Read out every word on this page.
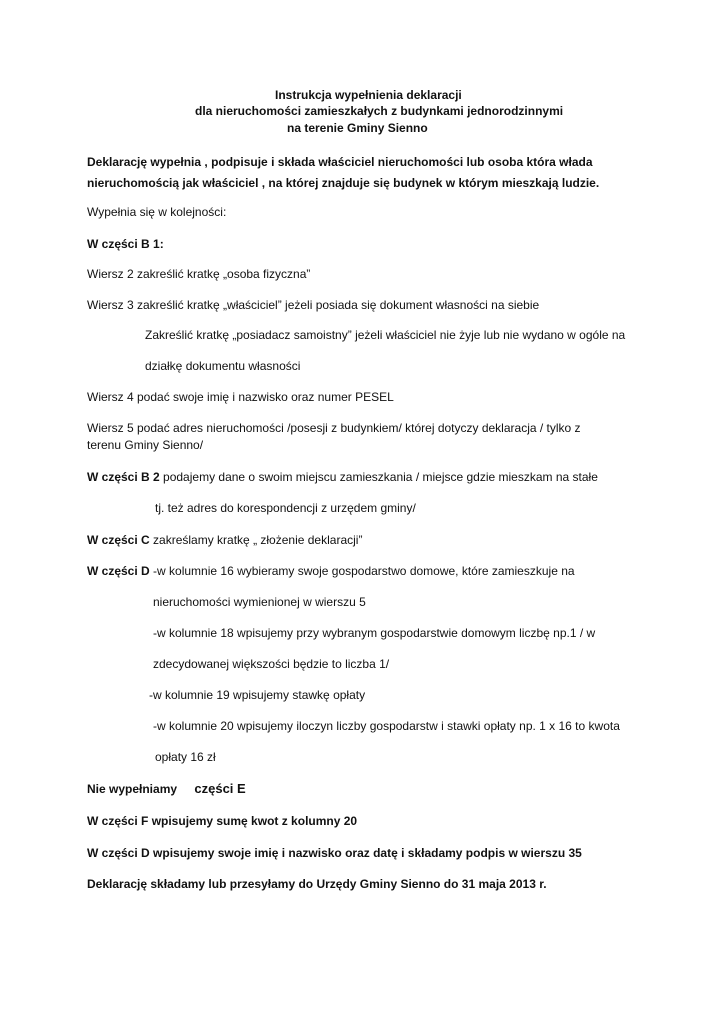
Instrukcja wypełnienia deklaracji
dla nieruchomości zamieszkałych z budynkami jednorodzinnymi
na terenie Gminy Sienno
Deklarację wypełnia , podpisuje i składa właściciel nieruchomości lub osoba która włada
nieruchomością jak właściciel , na której znajduje się budynek w którym mieszkają ludzie.
Wypełnia się w kolejności:
W części B 1:
Wiersz 2 zakreślić kratkę „osoba fizyczna”
Wiersz 3 zakreślić kratkę „właściciel” jeżeli posiada się dokument własności na siebie
Zakreślić kratkę „posiadacz samoistny” jeżeli właściciel nie żyje lub nie wydano w ogóle na
działkę dokumentu własności
Wiersz 4 podać swoje imię i nazwisko oraz numer PESEL
Wiersz 5 podać adres nieruchomości /posesji z budynkiem/ której dotyczy deklaracja / tylko z
terenu Gminy Sienno/
W części B 2 podajemy dane o swoim miejscu zamieszkania / miejsce gdzie mieszkam na stałe
tj. też adres do korespondencji z urzędem gminy/
W części C zakreślamy kratkę „ złożenie deklaracji”
W części D -w kolumnie 16 wybieramy swoje gospodarstwo domowe, które zamieszkuje na
nieruchomości wymienionej w wierszu 5
-w kolumnie 18 wpisujemy przy wybranym gospodarstwie domowym liczbę np.1 / w
zdecydowanej większości będzie to liczba 1/
-w kolumnie 19 wpisujemy stawkę opłaty
-w kolumnie 20 wpisujemy iloczyn liczby gospodarstw i stawki opłaty np. 1 x 16 to kwota
opłaty 16 zł
Nie wypełniamy części E
W części F wpisujemy sumę kwot z kolumny 20
W części D wpisujemy swoje imię i nazwisko oraz datę i składamy podpis w wierszu 35
Deklarację składamy lub przesyłamy do Urzędy Gminy Sienno do 31 maja 2013 r.
